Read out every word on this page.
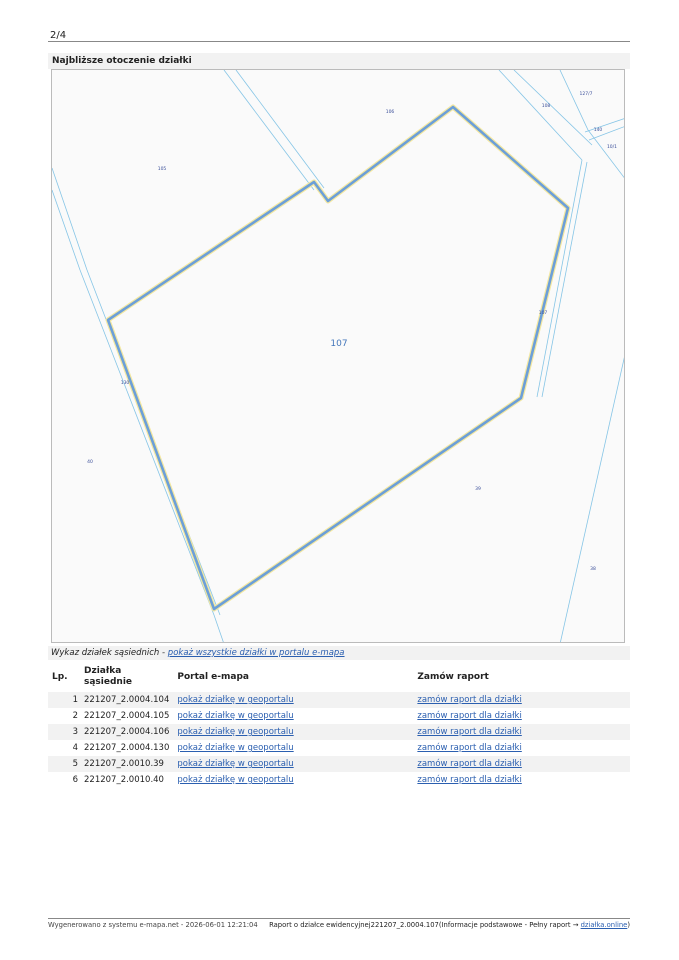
2/4
Najbliższe otoczenie działki
107
106
105
127/7
108
140
10/1
107
130
40
39
38
Wykaz działek sąsiednich - pokaż wszystkie działki w portalu e-mapa
Lp.	Działka sąsiednie	Portal e-mapa	Zamów raport
1	221207_2.0004.104	pokaż działkę w geoportalu	zamów raport dla działki
2	221207_2.0004.105	pokaż działkę w geoportalu	zamów raport dla działki
3	221207_2.0004.106	pokaż działkę w geoportalu	zamów raport dla działki
4	221207_2.0004.130	pokaż działkę w geoportalu	zamów raport dla działki
5	221207_2.0010.39	pokaż działkę w geoportalu	zamów raport dla działki
6	221207_2.0010.40	pokaż działkę w geoportalu	zamów raport dla działki
Wygenerowano z systemu e-mapa.net - 2026-06-01 12:21:04 Raport o działce ewidencyjnej221207_2.0004.107(Informacje podstawowe - Pełny raport → działka.online)
